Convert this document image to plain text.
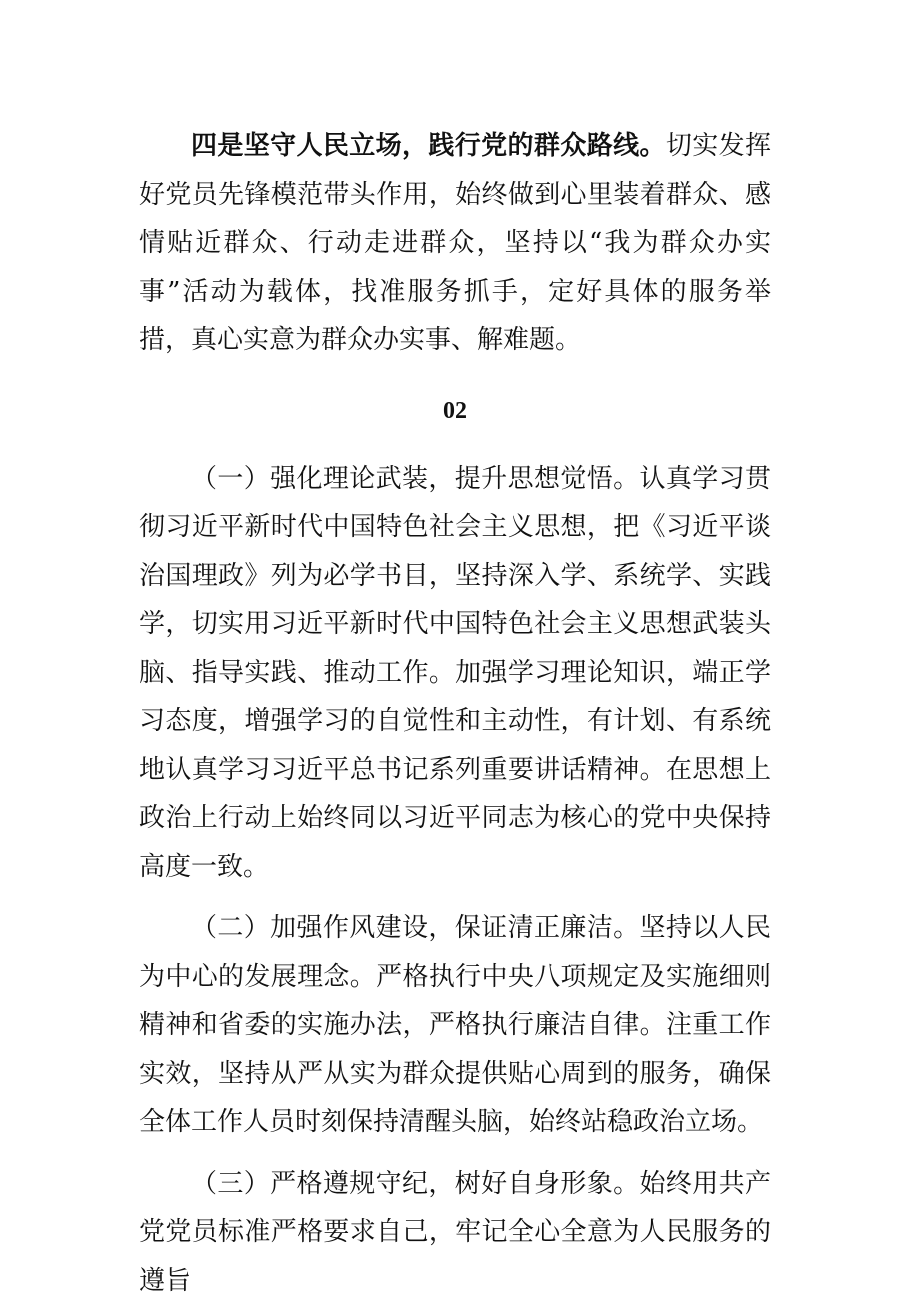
四是坚守人民立场，践行党的群众路线。切实发挥好党员先锋模范带头作用，始终做到心里装着群众、感情贴近群众、行动走进群众，坚持以“我为群众办实事”活动为载体，找准服务抓手，定好具体的服务举措，真心实意为群众办实事、解难题。

02

（一）强化理论武装，提升思想觉悟。认真学习贯彻习近平新时代中国特色社会主义思想，把《习近平谈治国理政》列为必学书目，坚持深入学、系统学、实践学，切实用习近平新时代中国特色社会主义思想武装头脑、指导实践、推动工作。加强学习理论知识，端正学习态度，增强学习的自觉性和主动性，有计划、有系统地认真学习习近平总书记系列重要讲话精神。在思想上政治上行动上始终同以习近平同志为核心的党中央保持高度一致。

（二）加强作风建设，保证清正廉洁。坚持以人民为中心的发展理念。严格执行中央八项规定及实施细则精神和省委的实施办法，严格执行廉洁自律。注重工作实效，坚持从严从实为群众提供贴心周到的服务，确保全体工作人员时刻保持清醒头脑，始终站稳政治立场。

（三）严格遵规守纪，树好自身形象。始终用共产党党员标准严格要求自己，牢记全心全意为人民服务的遵旨
